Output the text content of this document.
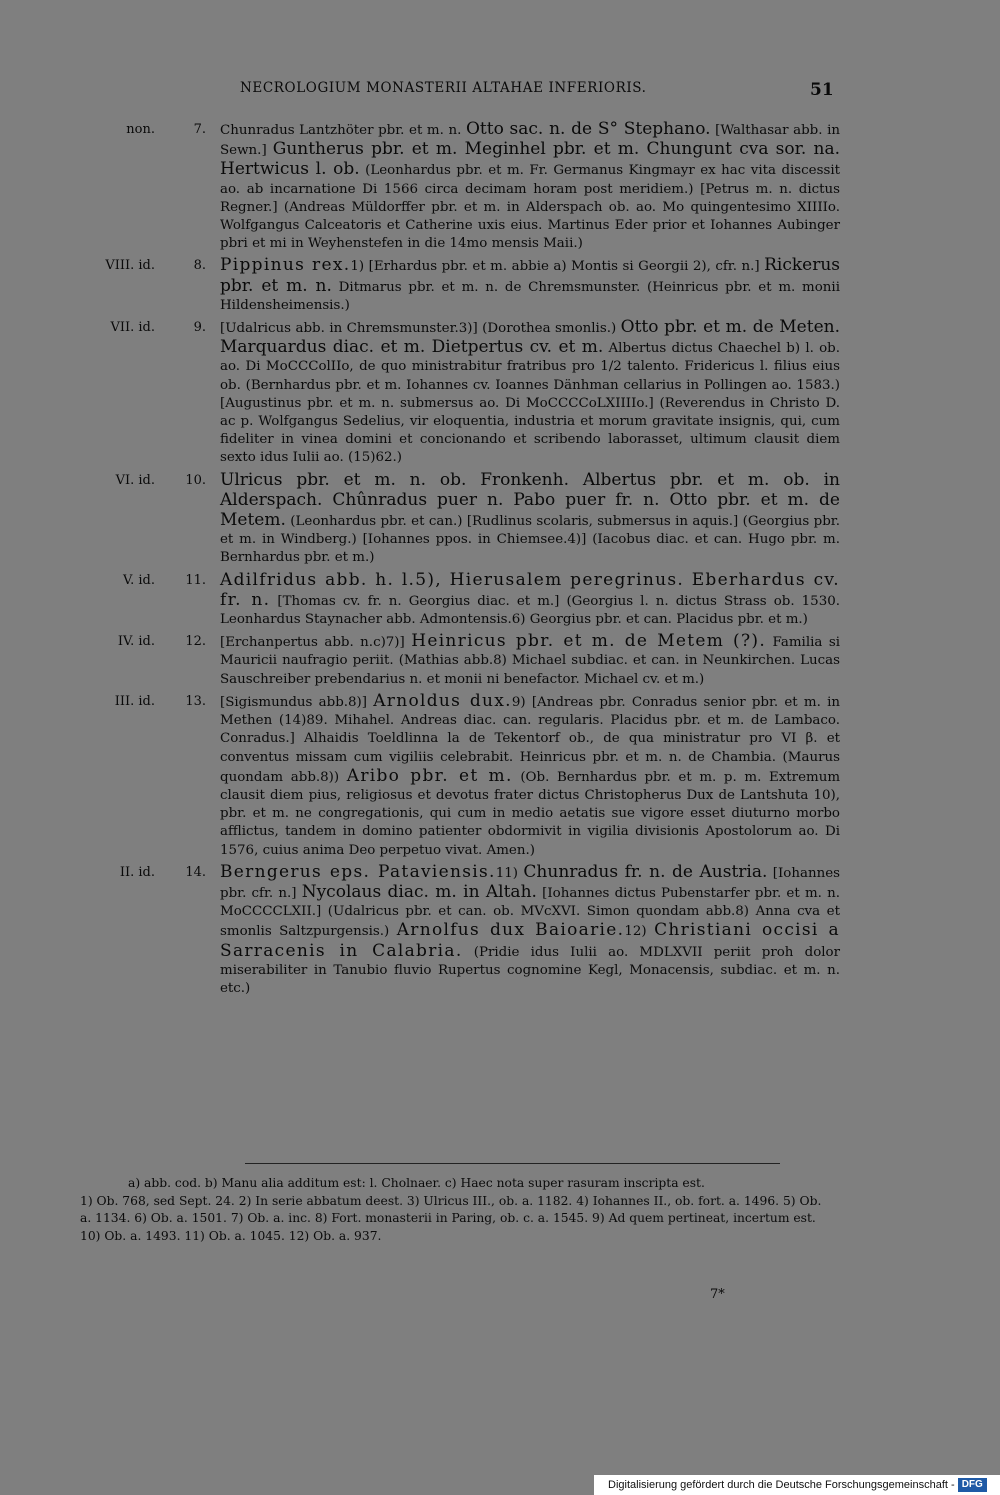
NECROLOGIUM MONASTERII ALTAHAE INFERIORIS.	51
non.	7. Chunradus Lantzhöter pbr. et m. n. Otto sac. n. de S° Stephano. [Walthasar abb. in Sewn.] Guntherus pbr. et m. Meginhel pbr. et m. Chungunt cva sor. na. Hertwicus l. ob. (Leonhardus pbr. et m. Fr. Germanus Kingmayr ex hac vita discessit ao. ab incarnatione Di 1566 circa decimam horam post meridiem.) [Petrus m. n. dictus Regner.] (Andreas Müldorffer pbr. et m. in Alderspach ob. ao. Mo quingentesimo XIIIIo. Wolfgangus Calceatoris et Catherine uxis eius. Martinus Eder prior et Iohannes Aubinger pbri et mi in Weyhenstefen in die 14mo mensis Maii.)
VIII. id.	8. Pippinus rex.1) [Erhardus pbr. et m. abbie a) Montis si Georgii 2), cfr. n.] Rickerus pbr. et m. n. Ditmarus pbr. et m. n. de Chremsmunster. (Heinricus pbr. et m. monii Hildensheimensis.)
VII. id.	9. [Udalricus abb. in Chremsmunster.3)] (Dorothea smonlis.) Otto pbr. et m. de Meten. Marquardus diac. et m. Dietpertus cv. et m. Albertus dictus Chaechel b) l. ob. ao. Di MoCCColIIo, de quo ministrabitur fratribus pro 1/2 talento. Fridericus l. filius eius ob. (Bernhardus pbr. et m. Iohannes cv. Ioannes Dänhman cellarius in Pollingen ao. 1583.) [Augustinus pbr. et m. n. submersus ao. Di MoCCCCoLXIIIIo.] (Reverendus in Christo D. ac p. Wolfgangus Sedelius, vir eloquentia, industria et morum gravitate insignis, qui, cum fideliter in vinea domini et concionando et scribendo laborasset, ultimum clausit diem sexto idus Iulii ao. (15)62.)
VI. id. 10. Ulricus pbr. et m. n. ob. Fronkenh. Albertus pbr. et m. ob. in Alderspach. Chûnradus puer n. Pabo puer fr. n. Otto pbr. et m. de Metem. (Leonhardus pbr. et can.) [Rudlinus scolaris, submersus in aquis.] (Georgius pbr. et m. in Windberg.) [Iohannes ppos. in Chiemsee.4)] (Iacobus diac. et can. Hugo pbr. m. Bernhardus pbr. et m.)
V. id. 11. Adilfridus abb. h. l.5), Hierusalem peregrinus. Eberhardus cv. fr. n. [Thomas cv. fr. n. Georgius diac. et m.] (Georgius l. n. dictus Strass ob. 1530. Leonhardus Staynacher abb. Admontensis.6) Georgius pbr. et can. Placidus pbr. et m.)
IV. id. 12. [Erchanpertus abb. n.c)7)] Heinricus pbr. et m. de Metem (?). Familia si Mauricii naufragio periit. (Mathias abb.8) Michael subdiac. et can. in Neunkirchen. Lucas Sauschreiber prebendarius n. et monii ni benefactor. Michael cv. et m.)
III. id. 13. [Sigismundus abb.8)] Arnoldus dux.9) [Andreas pbr. Conradus senior pbr. et m. in Methen (14)89. Mihahel. Andreas diac. can. regularis. Placidus pbr. et m. de Lambaco. Conradus.] Alhaidis Toeldlinna la de Tekentorf ob., de qua ministratur pro VI β. et conventus missam cum vigiliis celebrabit. Heinricus pbr. et m. n. de Chambia. (Maurus quondam abb.8)) Aribo pbr. et m. (Ob. Bernhardus pbr. et m. p. m. Extremum clausit diem pius, religiosus et devotus frater dictus Christopherus Dux de Lantshuta 10), pbr. et m. ne congregationis, qui cum in medio aetatis sue vigore esset diuturno morbo afflictus, tandem in domino patienter obdormivit in vigilia divisionis Apostolorum ao. Di 1576, cuius anima Deo perpetuo vivat. Amen.)
II. id. 14. Berngerus eps. Pataviensis.11) Chunradus fr. n. de Austria. [Iohannes pbr. cfr. n.] Nycolaus diac. m. in Altah. [Iohannes dictus Pubenstarfer pbr. et m. n. MoCCCCLXII.] (Udalricus pbr. et can. ob. MVcXVI. Simon quondam abb.8) Anna cva et smonlis Saltzpurgensis.) Arnolfus dux Baioarie.12) Christiani occisi a Sarracenis in Calabria. (Pridie idus Iulii ao. MDLXVII periit proh dolor miserabiliter in Tanubio fluvio Rupertus cognomine Kegl, Monacensis, subdiac. et m. n. etc.)
a) abb. cod. b) Manu alia additum est: l. Cholnaer. c) Haec nota super rasuram inscripta est.
1) Ob. 768, sed Sept. 24. 2) In serie abbatum deest. 3) Ulricus III., ob. a. 1182. 4) Iohannes II., ob. fort. a. 1496. 5) Ob. a. 1134. 6) Ob. a. 1501. 7) Ob. a. inc. 8) Fort. monasterii in Paring, ob. c. a. 1545. 9) Ad quem pertineat, incertum est. 10) Ob. a. 1493. 11) Ob. a. 1045. 12) Ob. a. 937.
7*
Digitalisierung gefördert durch die Deutsche Forschungsgemeinschaft - DFG
